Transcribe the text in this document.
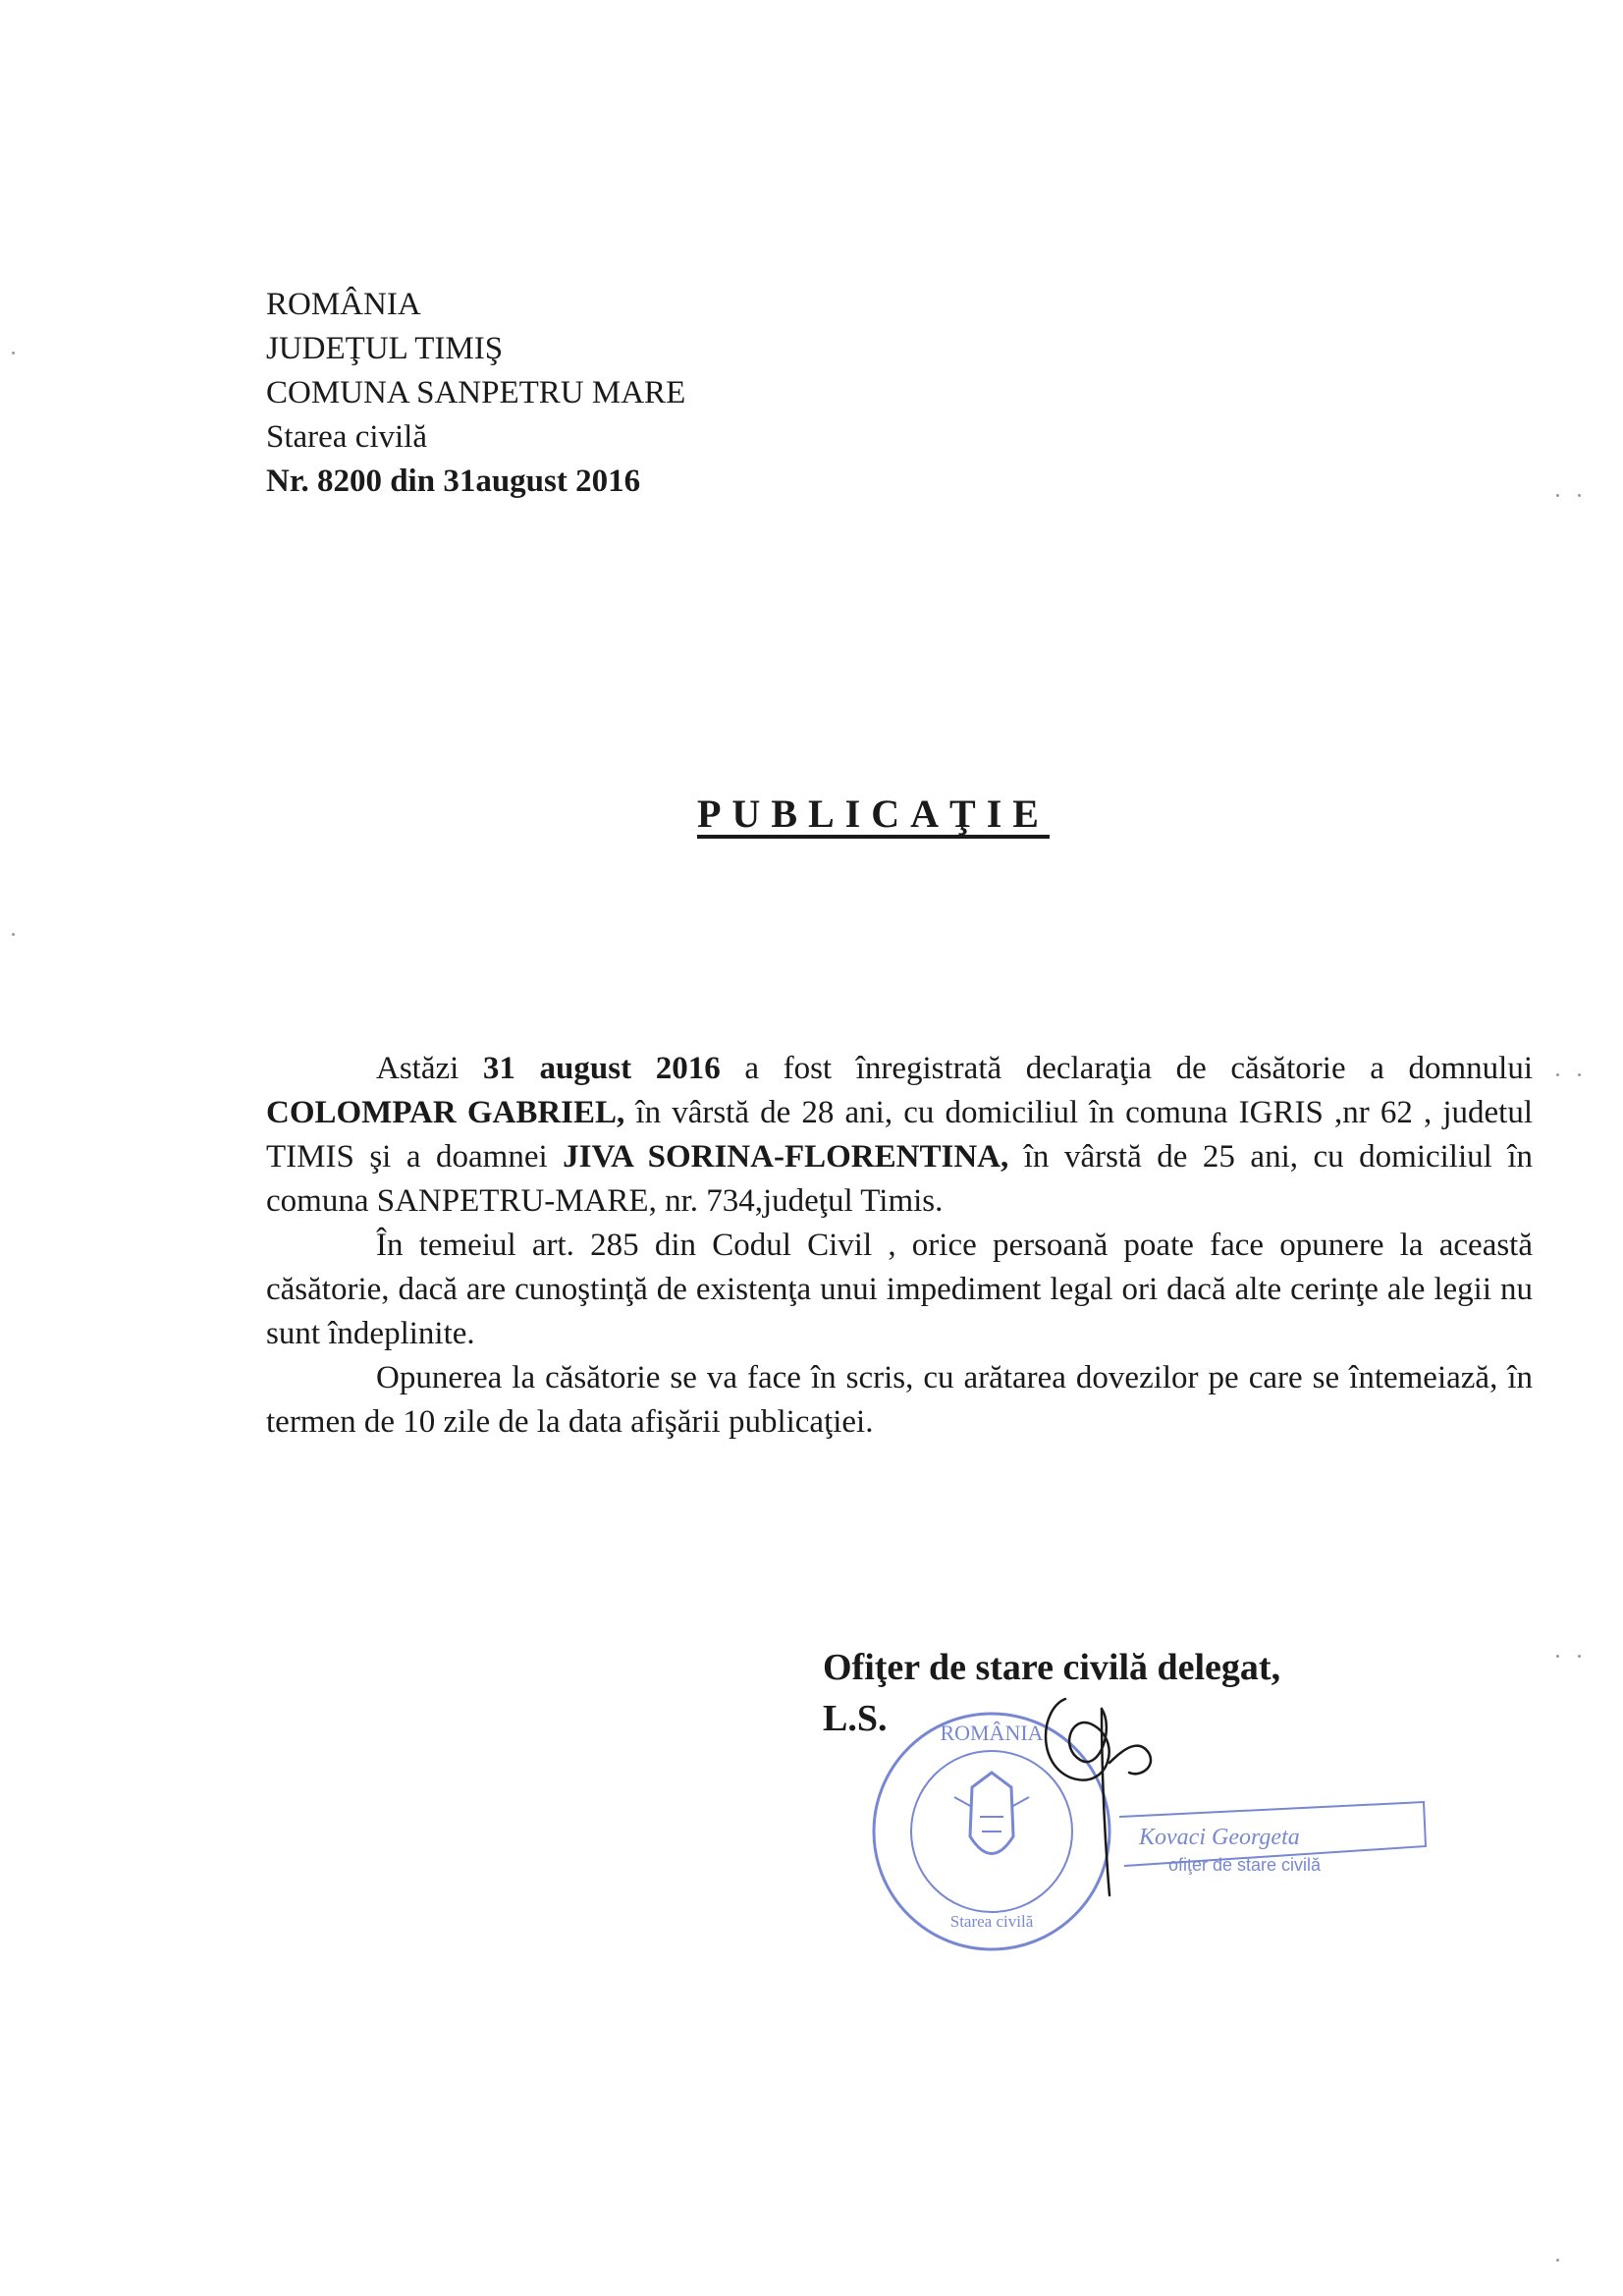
ROMÂNIA
JUDEŢUL TIMIŞ
COMUNA SANPETRU MARE
Starea civilă
Nr. 8200 din 31august 2016
PUBLICAŢIE

Astăzi 31 august 2016 a fost înregistrată declaraţia de căsătorie a domnului COLOMPAR GABRIEL, în vârstă de 28 ani, cu domiciliul în comuna IGRIS ,nr 62 , judetul TIMIS şi a doamnei JIVA SORINA-FLORENTINA, în vârstă de 25 ani, cu domiciliul în comuna SANPETRU-MARE, nr. 734,judeţul Timis.

În temeiul art. 285 din Codul Civil , orice persoană poate face opunere la această căsătorie, dacă are cunoştinţă de existenţa unui impediment legal ori dacă alte cerinţe ale legii nu sunt îndeplinite.

Opunerea la căsătorie se va face în scris, cu arătarea dovezilor pe care se întemeiază, în termen de 10 zile de la data afişării publicaţiei.

Ofiţer de stare civilă delegat,
L.S.	ROMÂNIA
Starea civilă
Kovaci Georgeta
ofiţer de stare civilă
